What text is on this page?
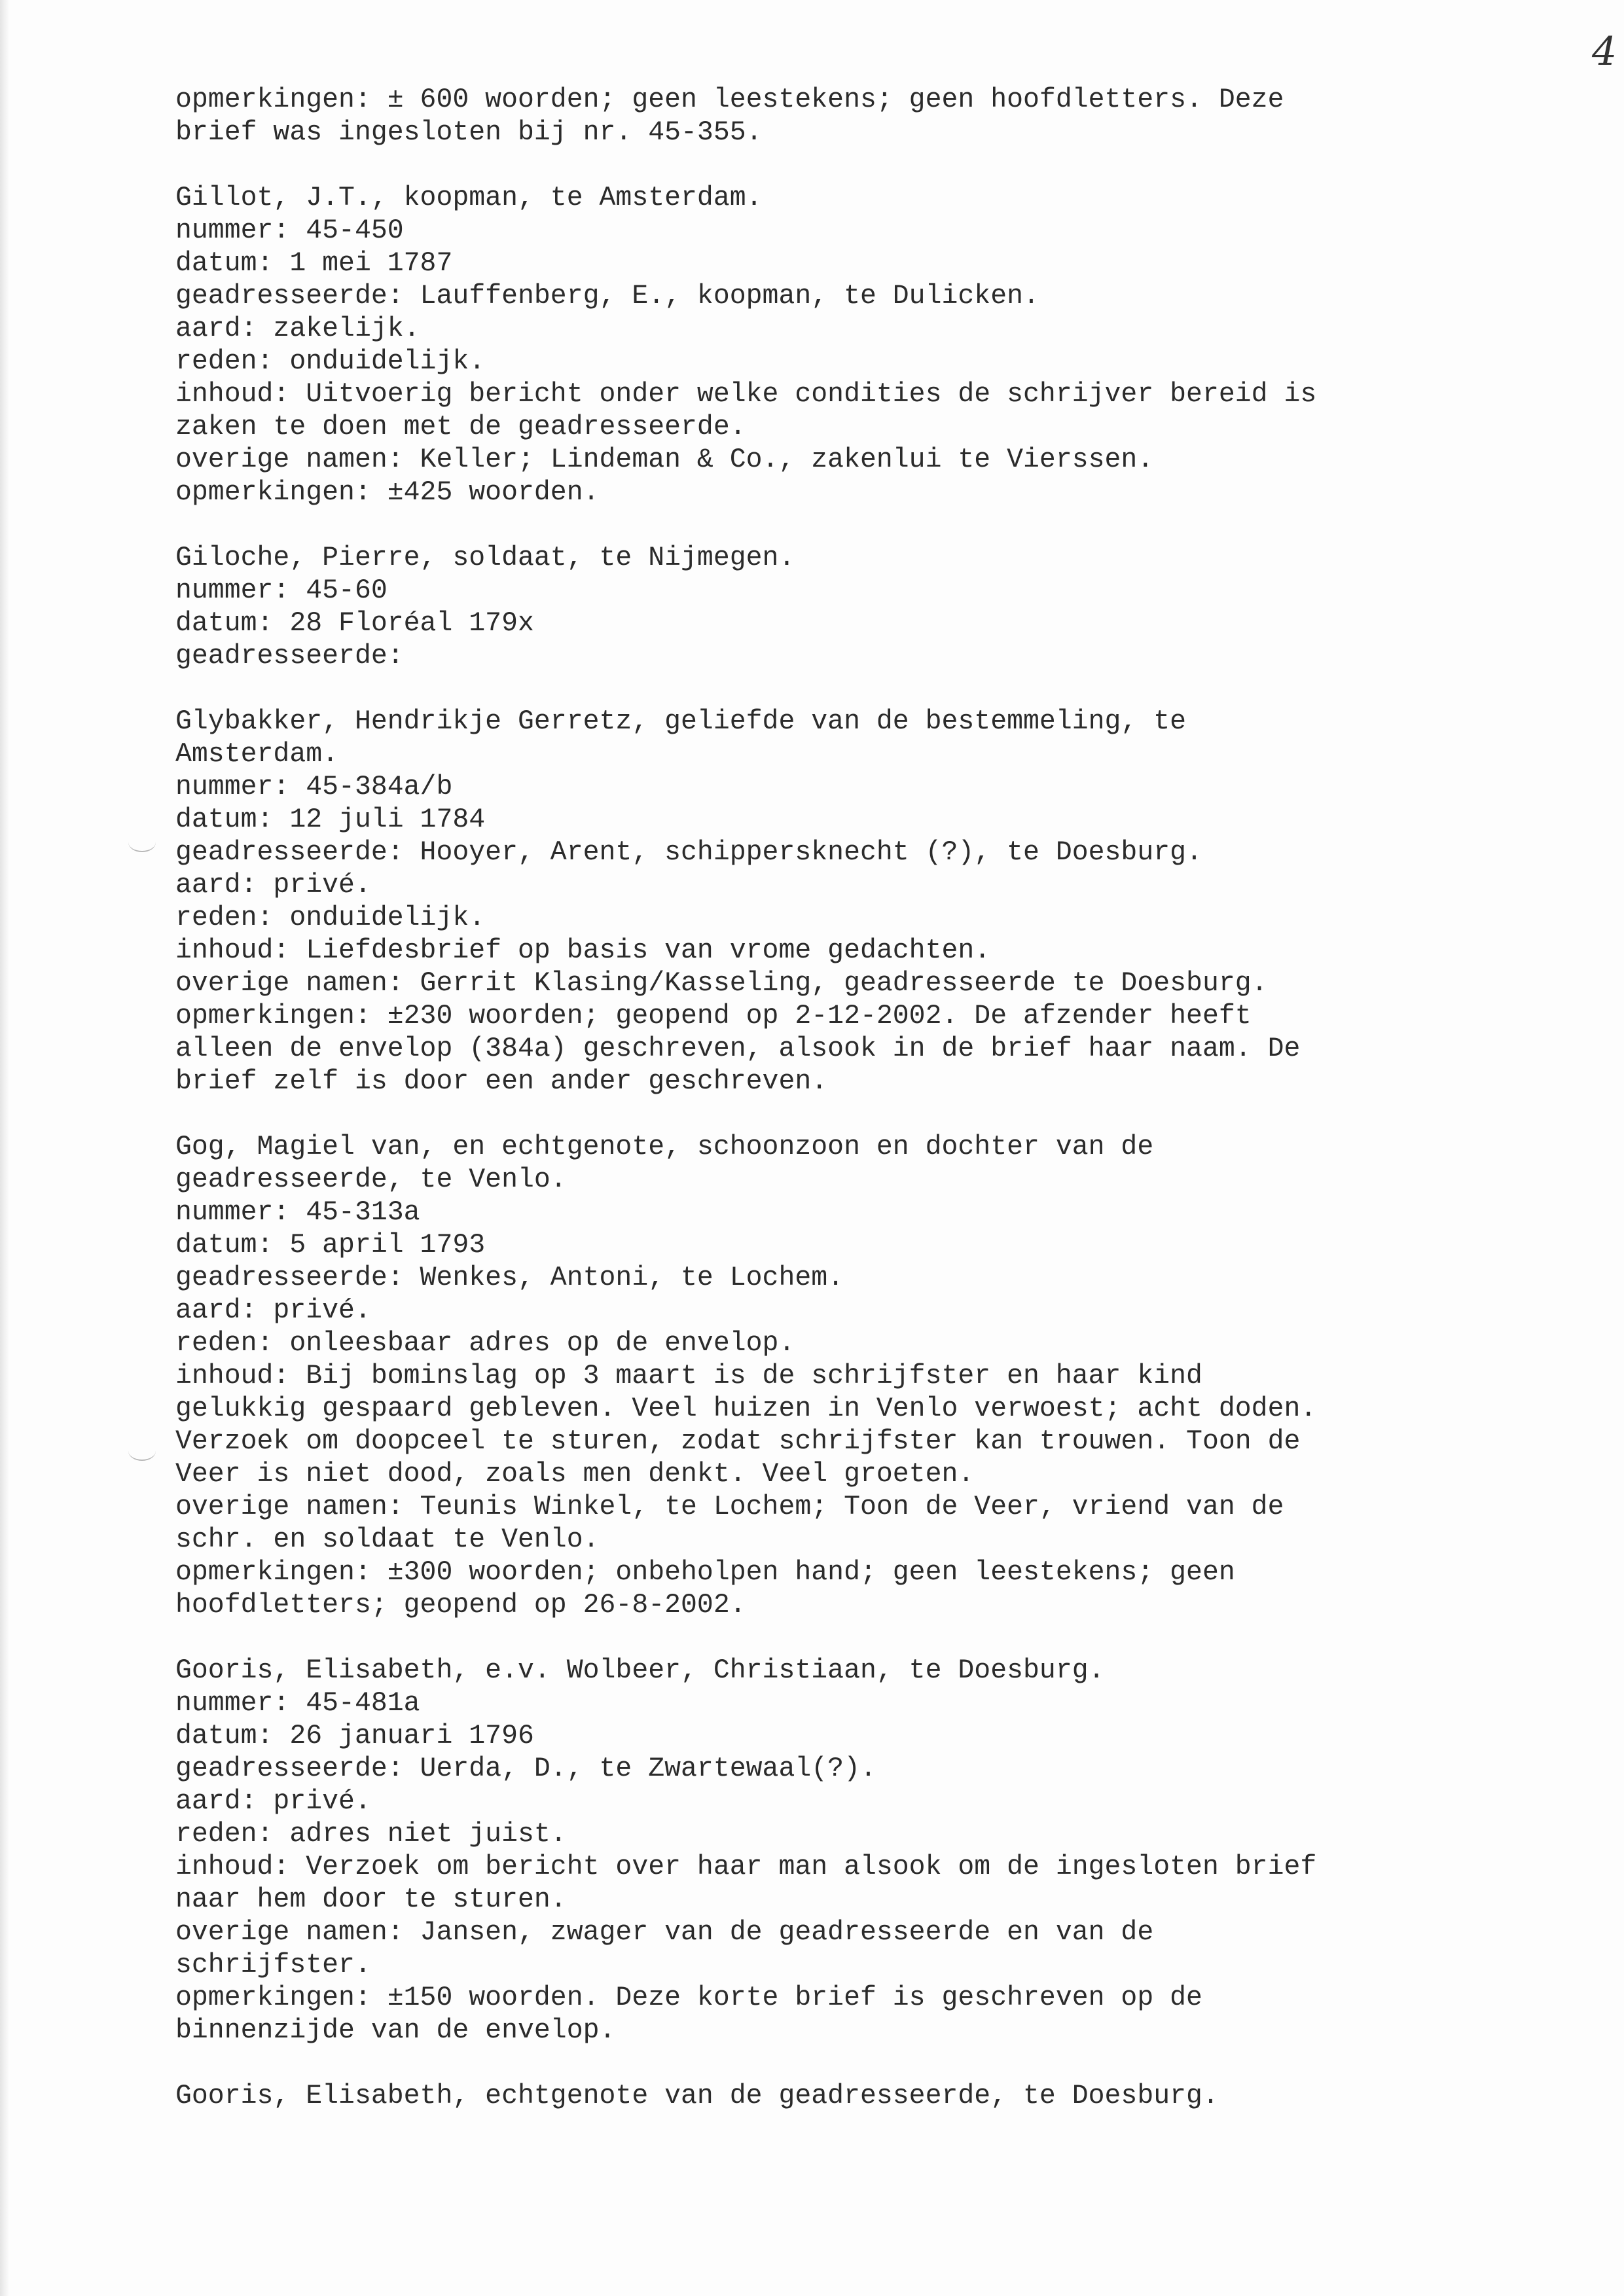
4
opmerkingen: ± 600 woorden; geen leestekens; geen hoofdletters. Deze
brief was ingesloten bij nr. 45-355.
Gillot, J.T., koopman, te Amsterdam.
nummer: 45-450
datum: 1 mei 1787
geadresseerde: Lauffenberg, E., koopman, te Dulicken.
aard: zakelijk.
reden: onduidelijk.
inhoud: Uitvoerig bericht onder welke condities de schrijver bereid is
zaken te doen met de geadresseerde.
overige namen: Keller; Lindeman & Co., zakenlui te Vierssen.
opmerkingen: ±425 woorden.
Giloche, Pierre, soldaat, te Nijmegen.
nummer: 45-60
datum: 28 Floréal 179x
geadresseerde:
Glybakker, Hendrikje Gerretz, geliefde van de bestemmeling, te
Amsterdam.
nummer: 45-384a/b
datum: 12 juli 1784
geadresseerde: Hooyer, Arent, schippersknecht (?), te Doesburg.
aard: privé.
reden: onduidelijk.
inhoud: Liefdesbrief op basis van vrome gedachten.
overige namen: Gerrit Klasing/Kasseling, geadresseerde te Doesburg.
opmerkingen: ±230 woorden; geopend op 2-12-2002. De afzender heeft
alleen de envelop (384a) geschreven, alsook in de brief haar naam. De
brief zelf is door een ander geschreven.
Gog, Magiel van, en echtgenote, schoonzoon en dochter van de
geadresseerde, te Venlo.
nummer: 45-313a
datum: 5 april 1793
geadresseerde: Wenkes, Antoni, te Lochem.
aard: privé.
reden: onleesbaar adres op de envelop.
inhoud: Bij bominslag op 3 maart is de schrijfster en haar kind
gelukkig gespaard gebleven. Veel huizen in Venlo verwoest; acht doden.
Verzoek om doopceel te sturen, zodat schrijfster kan trouwen. Toon de
Veer is niet dood, zoals men denkt. Veel groeten.
overige namen: Teunis Winkel, te Lochem; Toon de Veer, vriend van de
schr. en soldaat te Venlo.
opmerkingen: ±300 woorden; onbeholpen hand; geen leestekens; geen
hoofdletters; geopend op 26-8-2002.
Gooris, Elisabeth, e.v. Wolbeer, Christiaan, te Doesburg.
nummer: 45-481a
datum: 26 januari 1796
geadresseerde: Uerda, D., te Zwartewaal(?).
aard: privé.
reden: adres niet juist.
inhoud: Verzoek om bericht over haar man alsook om de ingesloten brief
naar hem door te sturen.
overige namen: Jansen, zwager van de geadresseerde en van de
schrijfster.
opmerkingen: ±150 woorden. Deze korte brief is geschreven op de
binnenzijde van de envelop.
Gooris, Elisabeth, echtgenote van de geadresseerde, te Doesburg.
